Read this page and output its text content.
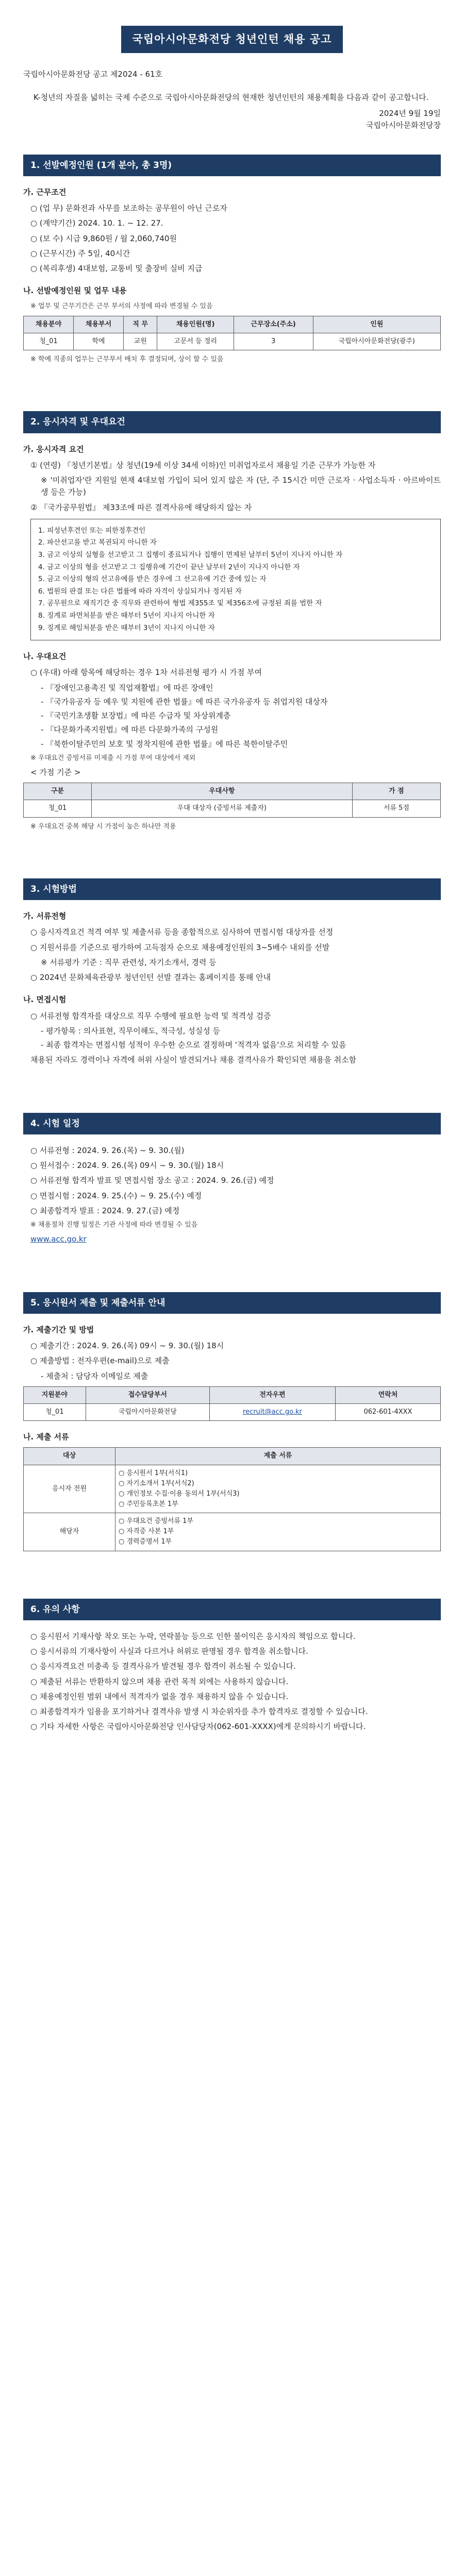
국립아시아문화전당 청년인턴 채용 공고

국립아시아문화전당 공고 제2024 - 61호

K-청년의 자질을 넓히는 국제 수준으로 국립아시아문화전당의 현재한 청년인턴의 채용계획을 다음과 같이 공고합니다.

2024년 9월 19일

국립아시아문화전당장

1. 선발예정인원 (1개 분야, 총 3명)
가. 근무조건

○ (업 무) 문화전과 사무를 보조하는 공무원이 아닌 근로자

○ (계약기간) 2024. 10. 1. ~ 12. 27.

○ (보 수) 시급 9,860원 / 월 2,060,740원

○ (근무시간) 주 5일, 40시간

○ (복리후생) 4대보험, 교통비 및 출장비 실비 지급

나. 선발예정인원 및 업무 내용

※ 업무 및 근무기간은 근무 부서의 사정에 따라 변경될 수 있음

채용분야	채용부서	직 무	채용인원(명)	근무장소(주소)	인원
청_01	학예	교원	고문서 등 정리	3	국립아시아문화전당(광주)

※ 학예 직종의 업무는 근무부서 배치 후 결정되며, 상이 할 수 있음

2. 응시자격 및 우대요건
가. 응시자격 요건

① (연령) 『청년기본법』상 청년(19세 이상 34세 이하)인 미취업자로서 채용일 기준 근무가 가능한 자

※ '미취업자'란 지원일 현재 4대보험 가입이 되어 있지 않은 자 (단, 주 15시간 미만 근로자 · 사업소득자 · 아르바이트생 등은 가능)

② 『국가공무원법』 제33조에 따른 결격사유에 해당하지 않는 자

1. 피성년후견인 또는 피한정후견인

2. 파산선고를 받고 복권되지 아니한 자

3. 금고 이상의 실형을 선고받고 그 집행이 종료되거나 집행이 면제된 날부터 5년이 지나지 아니한 자

4. 금고 이상의 형을 선고받고 그 집행유예 기간이 끝난 날부터 2년이 지나지 아니한 자

5. 금고 이상의 형의 선고유예를 받은 경우에 그 선고유예 기간 중에 있는 자

6. 법원의 판결 또는 다른 법률에 따라 자격이 상실되거나 정지된 자

7. 공무원으로 재직기간 중 직무와 관련하여 형법 제355조 및 제356조에 규정된 죄를 범한 자

8. 징계로 파면처분을 받은 때부터 5년이 지나지 아니한 자

9. 징계로 해임처분을 받은 때부터 3년이 지나지 아니한 자

나. 우대요건

○ (우대) 아래 항목에 해당하는 경우 1차 서류전형 평가 시 가점 부여

- 『장애인고용촉진 및 직업재활법』에 따른 장애인

- 『국가유공자 등 예우 및 지원에 관한 법률』에 따른 국가유공자 등 취업지원 대상자

- 『국민기초생활 보장법』에 따른 수급자 및 차상위계층

- 『다문화가족지원법』에 따른 다문화가족의 구성원

- 『북한이탈주민의 보호 및 정착지원에 관한 법률』에 따른 북한이탈주민

※ 우대요건 증빙서류 미제출 시 가점 부여 대상에서 제외

< 가점 기준 >

구분	우대사항	가 점
청_01	우대 대상자 (증빙서류 제출자)	서류 5점

※ 우대요건 중복 해당 시 가점이 높은 하나만 적용

3. 시험방법
가. 서류전형

○ 응시자격요건 적격 여부 및 제출서류 등을 종합적으로 심사하여 면접시험 대상자를 선정

○ 지원서류를 기준으로 평가하여 고득점자 순으로 채용예정인원의 3~5배수 내외를 선발

※ 서류평가 기준 : 직무 관련성, 자기소개서, 경력 등

○ 2024년 문화체육관광부 청년인턴 선발 결과는 홈페이지를 통해 안내

나. 면접시험

○ 서류전형 합격자를 대상으로 직무 수행에 필요한 능력 및 적격성 검증

- 평가항목 : 의사표현, 직무이해도, 적극성, 성실성 등

- 최종 합격자는 면접시험 성적이 우수한 순으로 결정하며 '적격자 없음'으로 처리할 수 있음

채용된 자라도 경력이나 자격에 허위 사실이 발견되거나 채용 결격사유가 확인되면 채용을 취소함

4. 시험 일정

○ 서류전형 : 2024. 9. 26.(목) ~ 9. 30.(월)

○ 원서접수 : 2024. 9. 26.(목) 09시 ~ 9. 30.(월) 18시

○ 서류전형 합격자 발표 및 면접시험 장소 공고 : 2024. 9. 26.(금) 예정

○ 면접시험 : 2024. 9. 25.(수) ~ 9. 25.(수) 예정

○ 최종합격자 발표 : 2024. 9. 27.(금) 예정

※ 채용절차 진행 일정은 기관 사정에 따라 변경될 수 있음

www.acc.go.kr

5. 응시원서 제출 및 제출서류 안내
가. 제출기간 및 방법

○ 제출기간 : 2024. 9. 26.(목) 09시 ~ 9. 30.(월) 18시

○ 제출방법 : 전자우편(e-mail)으로 제출

- 제출처 : 담당자 이메일로 제출

지원분야	접수담당부서	전자우편	연락처
청_01	국립아시아문화전당	recruit@acc.go.kr	062-601-4XXX
나. 제출 서류
대상	제출 서류
응시자 전원	○ 응시원서 1부(서식1)
○ 자기소개서 1부(서식2)
○ 개인정보 수집·이용 동의서 1부(서식3)
○ 주민등록초본 1부
해당자	○ 우대요건 증빙서류 1부
○ 자격증 사본 1부
○ 경력증명서 1부
6. 유의 사항

○ 응시원서 기재사항 착오 또는 누락, 연락불능 등으로 인한 불이익은 응시자의 책임으로 합니다.

○ 응시서류의 기재사항이 사실과 다르거나 허위로 판명될 경우 합격을 취소합니다.

○ 응시자격요건 미충족 등 결격사유가 발견될 경우 합격이 취소될 수 있습니다.

○ 제출된 서류는 반환하지 않으며 채용 관련 목적 외에는 사용하지 않습니다.

○ 채용예정인원 범위 내에서 적격자가 없을 경우 채용하지 않을 수 있습니다.

○ 최종합격자가 임용을 포기하거나 결격사유 발생 시 차순위자를 추가 합격자로 결정할 수 있습니다.

○ 기타 자세한 사항은 국립아시아문화전당 인사담당자(062-601-XXXX)에게 문의하시기 바랍니다.
